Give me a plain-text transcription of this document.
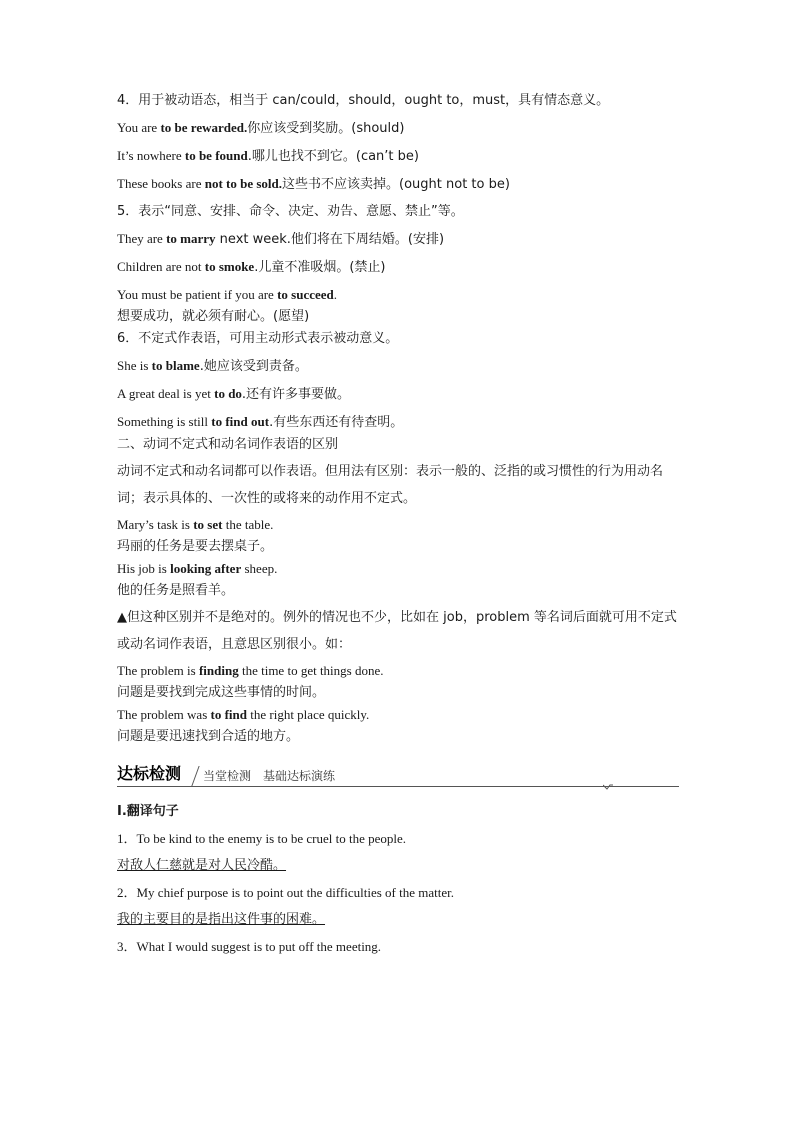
4．用于被动语态，相当于 can/could，should，ought to，must，具有情态意义。

You are to be rewarded.你应该受到奖励。(should)

It’s nowhere to be found.哪儿也找不到它。(can’t be)

These books are not to be sold.这些书不应该卖掉。(ought not to be)

5．表示“同意、安排、命令、决定、劝告、意愿、禁止”等。

They are to marry next week.他们将在下周结婚。(安排)

Children are not to smoke.儿童不准吸烟。(禁止)

You must be patient if you are to succeed.

想要成功，就必须有耐心。(愿望)

6．不定式作表语，可用主动形式表示被动意义。

She is to blame.她应该受到责备。

A great deal is yet to do.还有许多事要做。

Something is still to find out.有些东西还有待查明。

二、动词不定式和动名词作表语的区别

动词不定式和动名词都可以作表语。但用法有区别：表示一般的、泛指的或习惯性的行为用动名词；表示具体的、一次性的或将来的动作用不定式。

Mary’s task is to set the table.

玛丽的任务是要去摆桌子。

His job is looking after sheep.

他的任务是照看羊。

▲但这种区别并不是绝对的。例外的情况也不少，比如在 job，problem 等名词后面就可用不定式或动名词作表语，且意思区别很小。如：

The problem is finding the time to get things done.

问题是要找到完成这些事情的时间。

The problem was to find the right place quickly.

问题是要迅速找到合适的地方。

达标检测 当堂检测　基础达标演练

Ⅰ.翻译句子

1．To be kind to the enemy is to be cruel to the people.

对敌人仁慈就是对人民冷酷。

2．My chief purpose is to point out the difficulties of the matter.

我的主要目的是指出这件事的困难。

3．What I would suggest is to put off the meeting.
